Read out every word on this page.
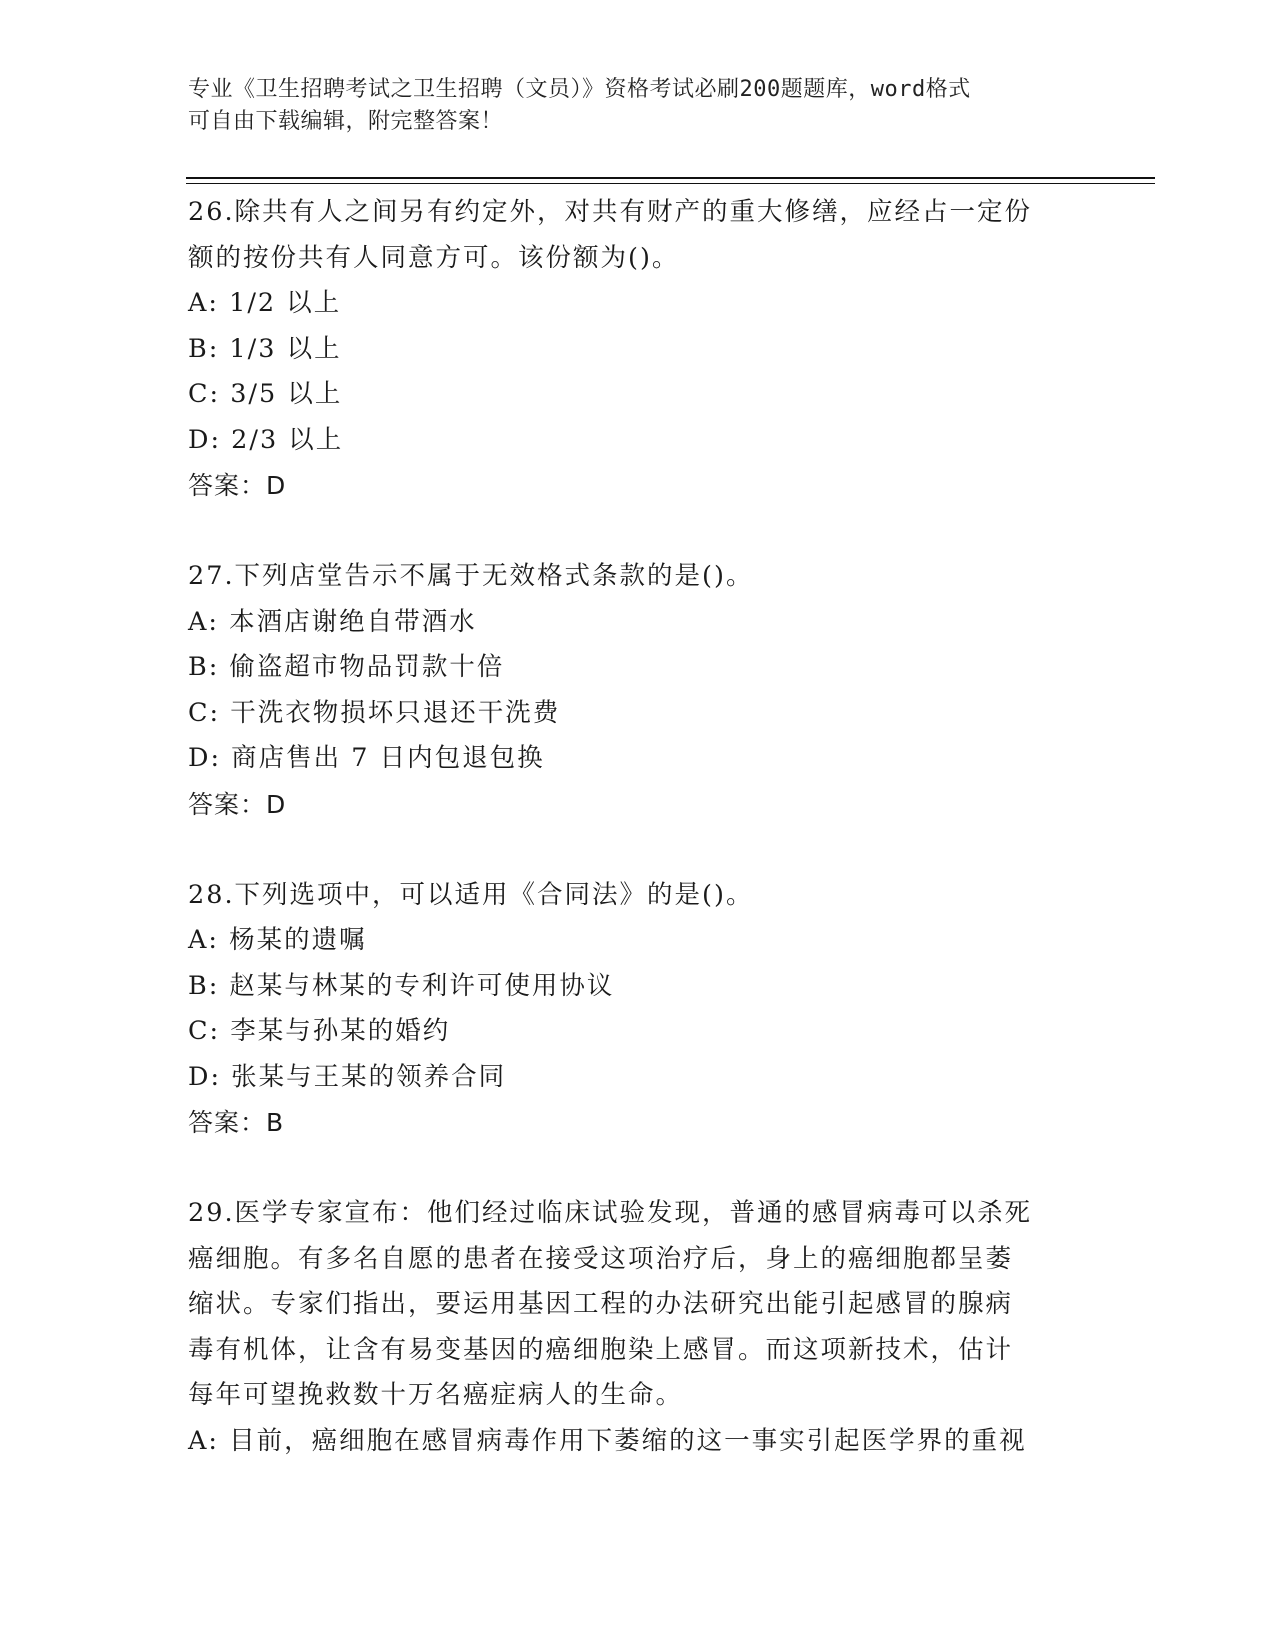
专业《卫生招聘考试之卫生招聘（文员）》资格考试必刷200题题库，word格式
可自由下载编辑，附完整答案！
26.除共有人之间另有约定外，对共有财产的重大修缮，应经占一定份
额的按份共有人同意方可。该份额为()。
A: 1/2 以上
B: 1/3 以上
C: 3/5 以上
D: 2/3 以上
答案：D
27.下列店堂告示不属于无效格式条款的是()。
A: 本酒店谢绝自带酒水
B: 偷盗超市物品罚款十倍
C: 干洗衣物损坏只退还干洗费
D: 商店售出 7 日内包退包换
答案：D
28.下列选项中，可以适用《合同法》的是()。
A: 杨某的遗嘱
B: 赵某与林某的专利许可使用协议
C: 李某与孙某的婚约
D: 张某与王某的领养合同
答案：B
29.医学专家宣布：他们经过临床试验发现，普通的感冒病毒可以杀死
癌细胞。有多名自愿的患者在接受这项治疗后，身上的癌细胞都呈萎
缩状。专家们指出，要运用基因工程的办法研究出能引起感冒的腺病
毒有机体，让含有易变基因的癌细胞染上感冒。而这项新技术，估计
每年可望挽救数十万名癌症病人的生命。
A: 目前，癌细胞在感冒病毒作用下萎缩的这一事实引起医学界的重视
